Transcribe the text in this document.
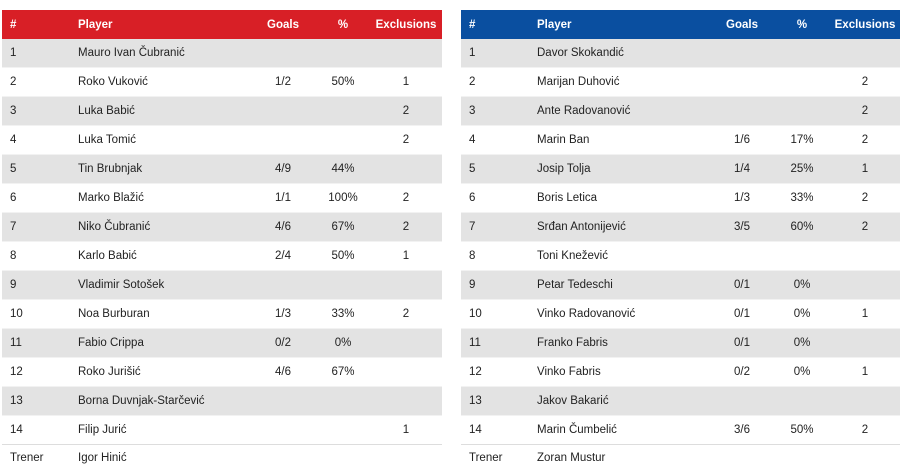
#	Player	Goals	%	Exclusions
1	Mauro Ivan Čubranić			
2	Roko Vuković	1/2	50%	1
3	Luka Babić			2
4	Luka Tomić			2
5	Tin Brubnjak	4/9	44%	
6	Marko Blažić	1/1	100%	2
7	Niko Čubranić	4/6	67%	2
8	Karlo Babić	2/4	50%	1
9	Vladimir Sotošek			
10	Noa Burburan	1/3	33%	2
11	Fabio Crippa	0/2	0%	
12	Roko Jurišić	4/6	67%	
13	Borna Duvnjak-Starčević			
14	Filip Jurić			1
Trener	Igor Hinić			
#	Player	Goals	%	Exclusions
1	Davor Skokandić			
2	Marijan Duhović			2
3	Ante Radovanović			2
4	Marin Ban	1/6	17%	2
5	Josip Tolja	1/4	25%	1
6	Boris Letica	1/3	33%	2
7	Srđan Antonijević	3/5	60%	2
8	Toni Knežević			
9	Petar Tedeschi	0/1	0%	
10	Vinko Radovanović	0/1	0%	1
11	Franko Fabris	0/1	0%	
12	Vinko Fabris	0/2	0%	1
13	Jakov Bakarić			
14	Marin Čumbelić	3/6	50%	2
Trener	Zoran Mustur			
